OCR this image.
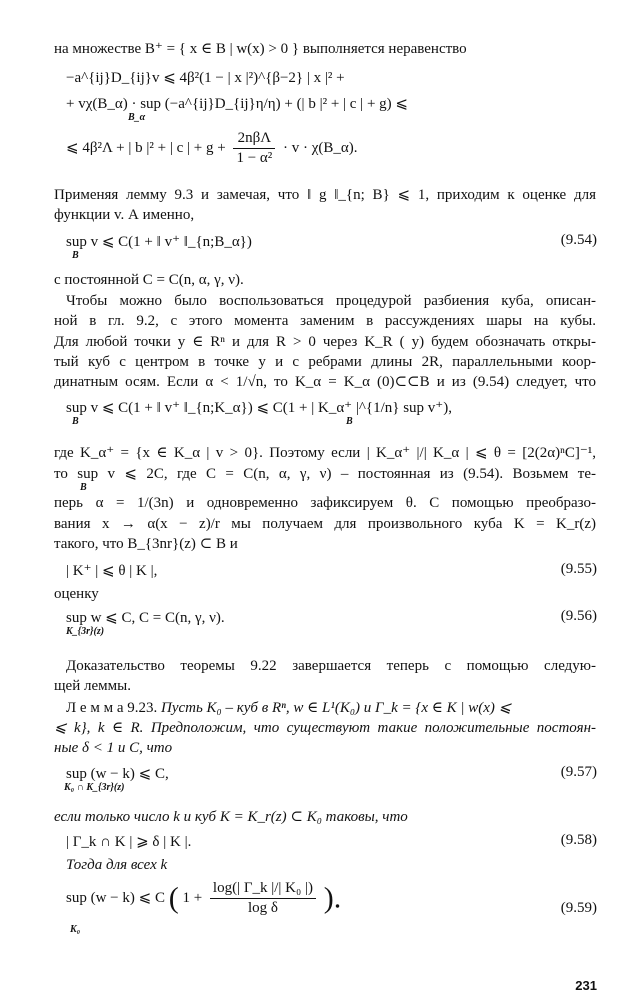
на множестве B⁺ = { x ∈ B | w(x) > 0 } выполняется неравенство
−a^{ij}D_{ij}v ⩽ 4β²(1 − | x |²)^{β−2} | x |² +
+ vχ(B_α) · sup (−a^{ij}D_{ij}η/η) + (| b |² + | c | + g) ⩽
B_α
⩽ 4β²Λ + | b |² + | c | + $g + \frac{\text{2nβΛ}}{\text{1 − α²}} \cdot v$ · χ(B_α).
Применяя лемму 9.3 и замечая, что ‖ g ‖_{n; B} ⩽ 1, приходим к оценке для
функции v. А именно,
sup v ⩽ C(1 + ‖ v⁺ ‖_{n;B_α})
B
(9.54)
с постоянной C = C(n, α, γ, ν).
Чтобы можно было воспользоваться процедурой разбиения куба, описан-
ной в гл. 9.2, с этого момента заменим в рассуждениях шары на кубы.
Для любой точки y ∈ Rⁿ и для R > 0 через K_R ( y) будем обозначать откры-
тый куб с центром в точке y и с ребрами длины 2R, параллельными коор-
динатным осям. Если α < 1/√n, то K_α = K_α (0)⊂⊂B и из (9.54) следует, что
sup v ⩽ C(1 + ‖ v⁺ ‖_{n;K_α}) ⩽ C(1 + | K_α⁺ |^{1/n} sup v⁺),
B	B
где K_α⁺ = {x ∈ K_α | v > 0}. Поэтому если | K_α⁺ |/| K_α | ⩽ θ = [2(2α)ⁿC]⁻¹,
то sup v ⩽ 2C, где C = C(n, α, γ, ν) – постоянная из (9.54). Возьмем те-
B
перь α = 1/(3n) и одновременно зафиксируем θ. С помощью преобразо-
вания x → α(x − z)/r мы получаем для произвольного куба K = K_r(z)
такого, что B_{3nr}(z) ⊂ B и
| K⁺ | ⩽ θ | K |,	(9.55)
оценку
sup w ⩽ C, C = C(n, γ, ν).
K_{3r}(z)
(9.56)
Доказательство теоремы 9.22 завершается теперь с помощью следую-
щей леммы.
Л е м м а 9.23. Пусть K₀ – куб в Rⁿ, w ∈ L¹(K₀) и Γ_k = {x ∈ K | w(x) ⩽
⩽ k}, k ∈ R. Предположим, что существуют такие положительные постоян-
ные δ < 1 и C, что
sup (w − k) ⩽ C,
K₀ ∩ K_{3r}(z)
(9.57)
если только число k и куб K = K_r(z) ⊂ K₀ таковы, что
| Γ_k ∩ K | ⩾ δ | K |.	(9.58)
Тогда для всех k
sup (w − k) ⩽ C ( $1 + \frac{\text{log(| Γ\_k |/| K₀ |)}}{\text{log δ}}$ ).
K₀
(9.59)
231
